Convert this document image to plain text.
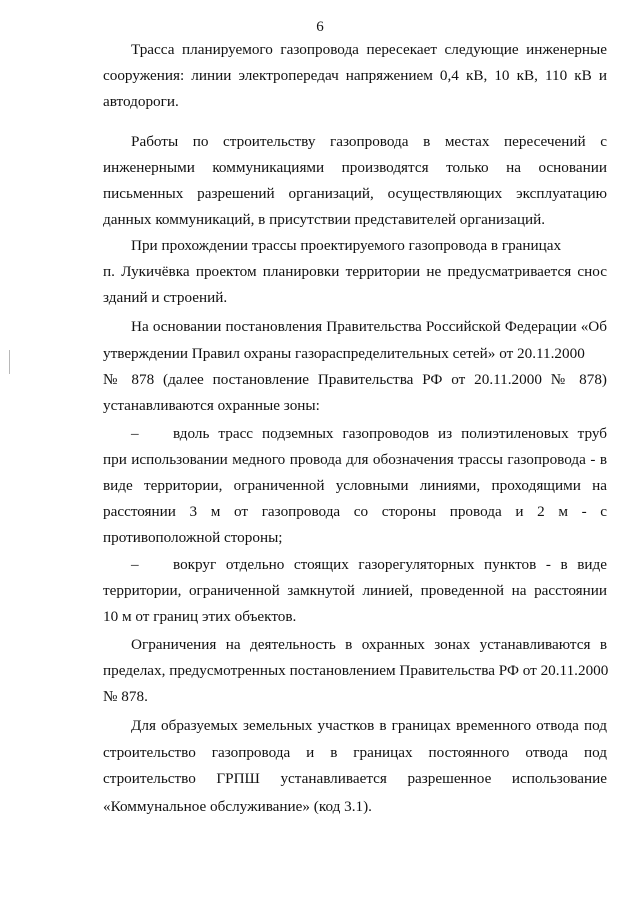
6
Трасса планируемого газопровода пересекает следующие инженерные
сооружения: линии электропередач напряжением 0,4 кВ, 10 кВ, 110 кВ и
автодороги.
Работы по строительству газопровода в местах пересечений с
инженерными коммуникациями производятся только на основании
письменных разрешений организаций, осуществляющих эксплуатацию
данных коммуникаций, в присутствии представителей организаций.
При прохождении трассы проектируемого газопровода в границах
п. Лукичёвка проектом планировки территории не предусматривается снос
зданий и строений.
На основании постановления Правительства Российской Федерации «Об
утверждении Правил охраны газораспределительных сетей» от 20.11.2000
№ 878 (далее постановление Правительства РФ от 20.11.2000 № 878)
устанавливаются охранные зоны:
– вдоль трасс подземных газопроводов из полиэтиленовых труб
при использовании медного провода для обозначения трассы газопровода - в
виде территории, ограниченной условными линиями, проходящими на
расстоянии 3 м от газопровода со стороны провода и 2 м - с
противоположной стороны;
– вокруг отдельно стоящих газорегуляторных пунктов - в виде
территории, ограниченной замкнутой линией, проведенной на расстоянии
10 м от границ этих объектов.
Ограничения на деятельность в охранных зонах устанавливаются в
пределах, предусмотренных постановлением Правительства РФ от 20.11.2000
№ 878.
Для образуемых земельных участков в границах временного отвода под
строительство газопровода и в границах постоянного отвода под
строительство ГРПШ устанавливается разрешенное использование
«Коммунальное обслуживание» (код 3.1).
